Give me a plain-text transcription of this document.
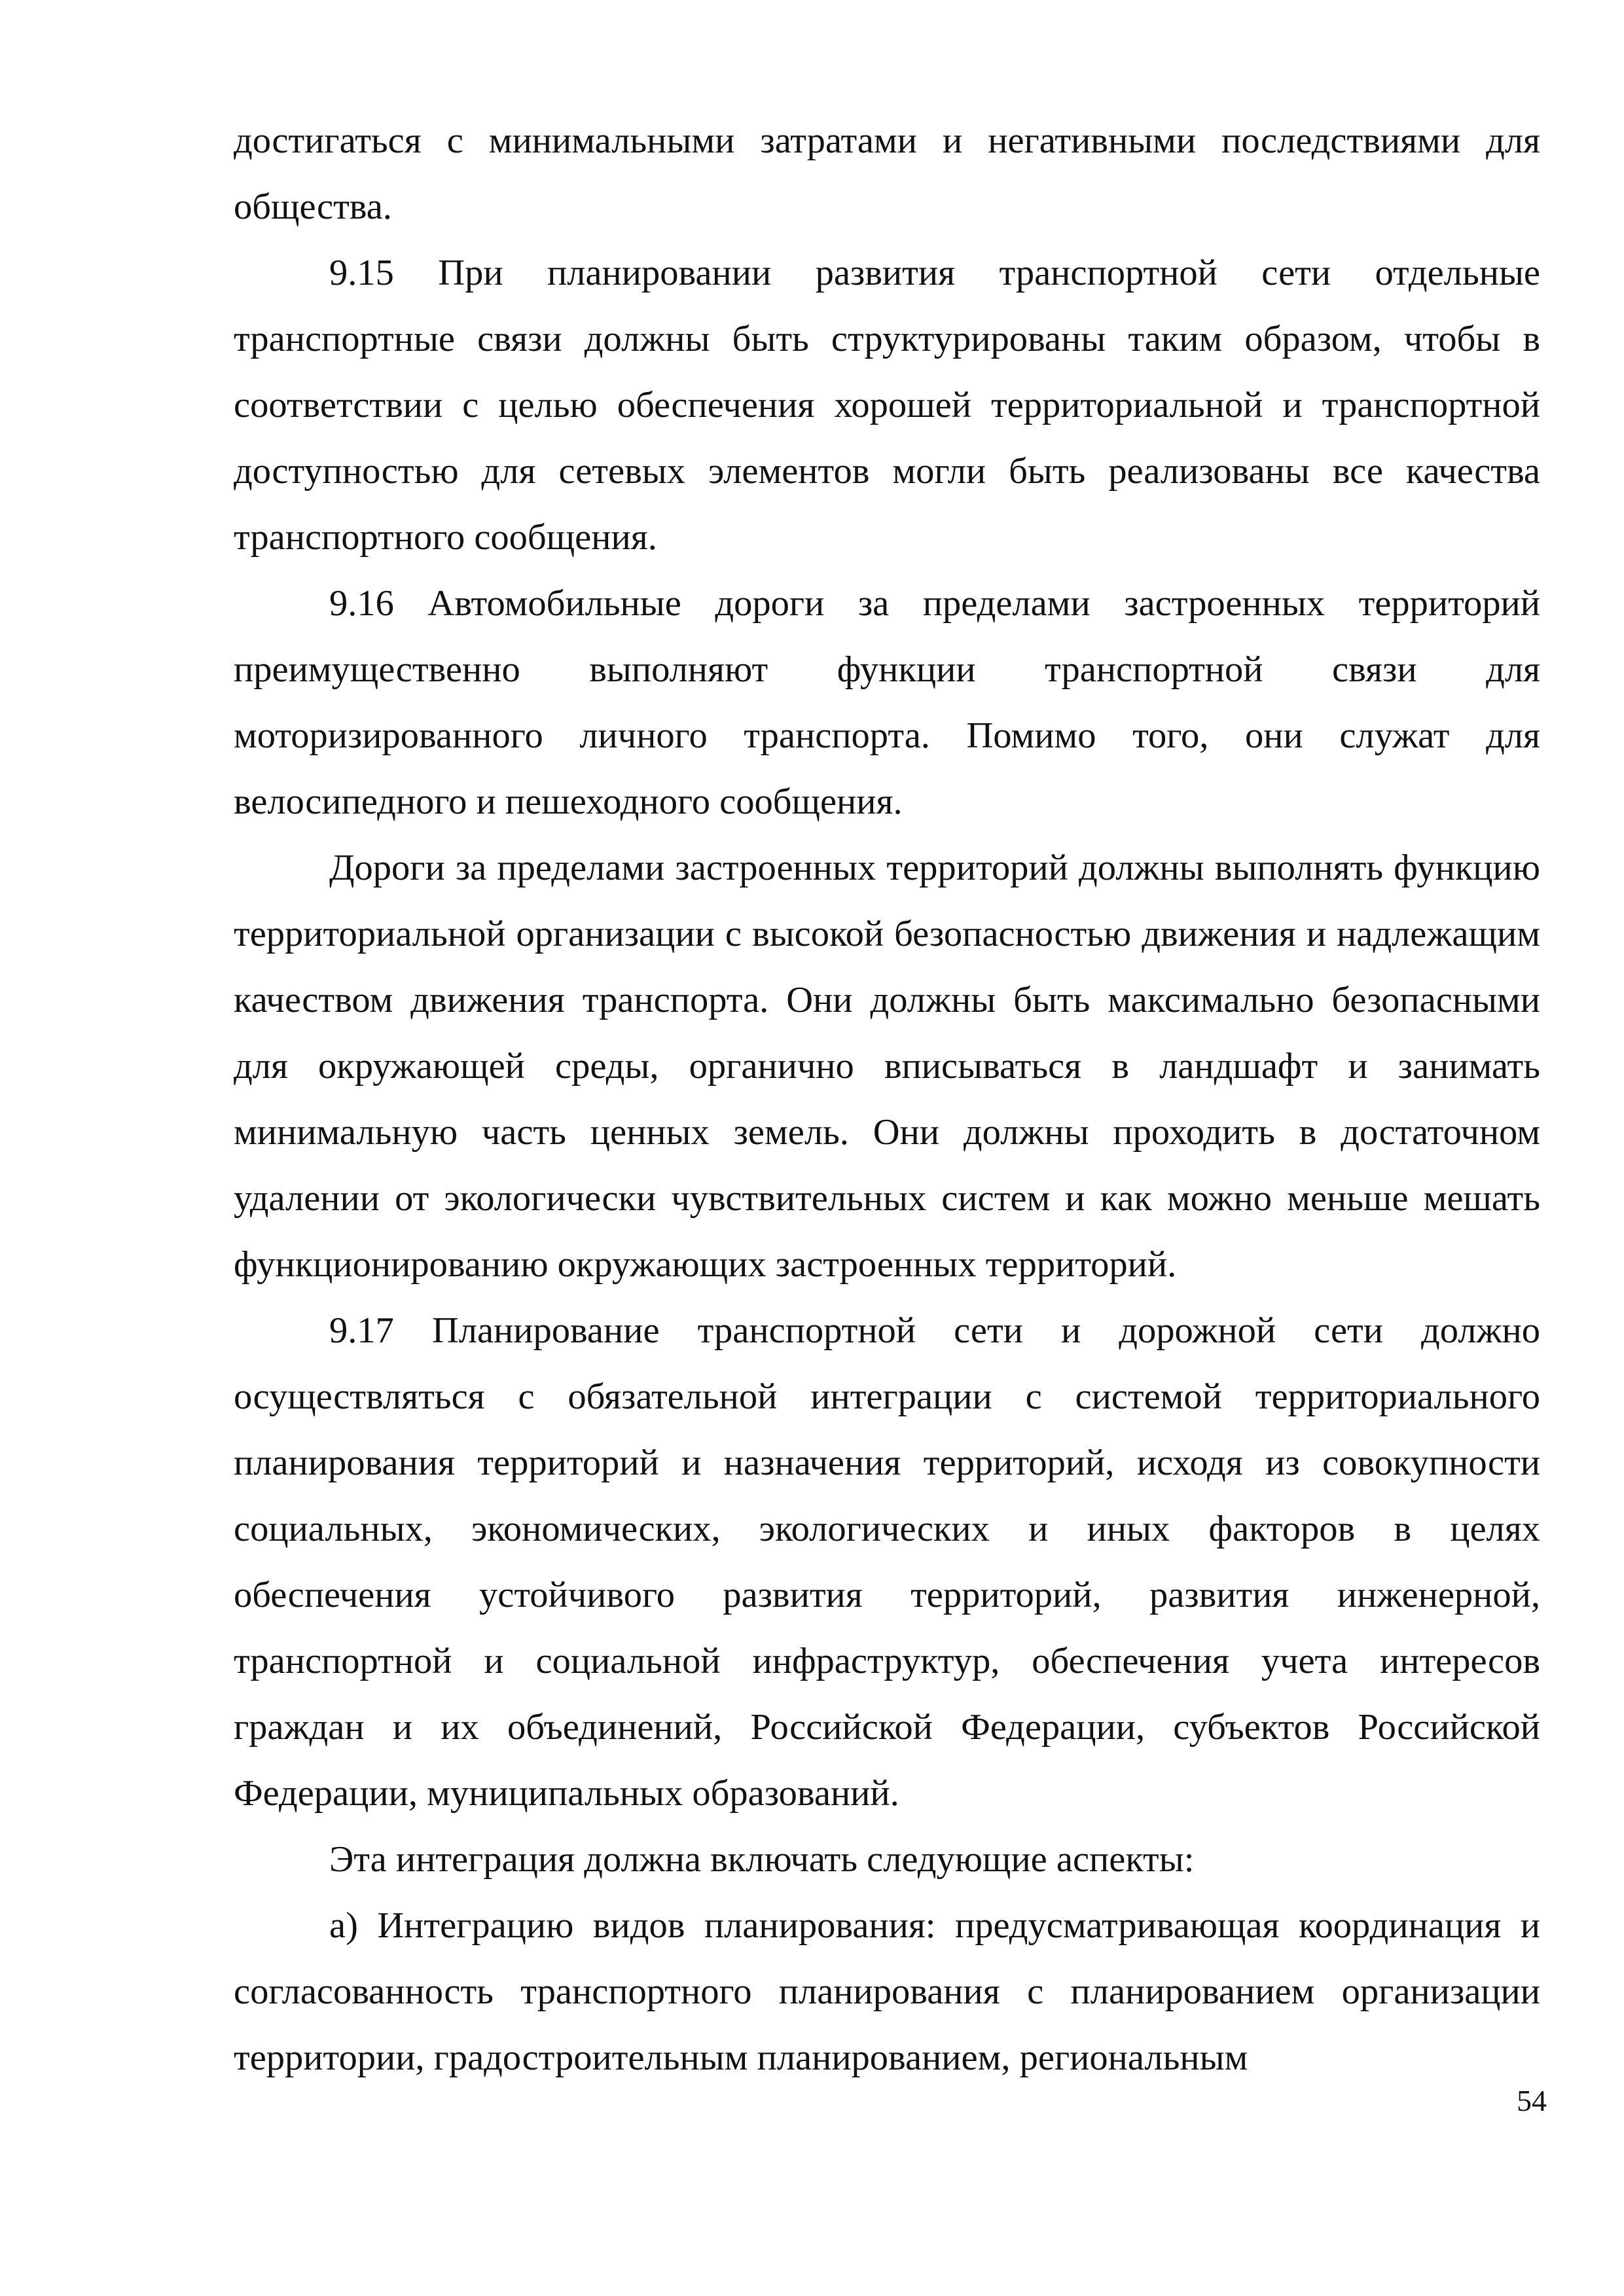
достигаться с минимальными затратами и негативными последствиями для общества.

9.15 При планировании развития транспортной сети отдельные транспортные связи должны быть структурированы таким образом, чтобы в соответствии с целью обеспечения хорошей территориальной и транспортной доступностью для сетевых элементов могли быть реализованы все качества транспортного сообщения.

9.16 Автомобильные дороги за пределами застроенных территорий преимущественно выполняют функции транспортной связи для моторизированного личного транспорта. Помимо того, они служат для велосипедного и пешеходного сообщения.

Дороги за пределами застроенных территорий должны выполнять функцию территориальной организации с высокой безопасностью движения и надлежащим качеством движения транспорта. Они должны быть максимально безопасными для окружающей среды, органично вписываться в ландшафт и занимать минимальную часть ценных земель. Они должны проходить в достаточном удалении от экологически чувствительных систем и как можно меньше мешать функционированию окружающих застроенных территорий.

9.17 Планирование транспортной сети и дорожной сети должно осуществляться с обязательной интеграции с системой территориального планирования территорий и назначения территорий, исходя из совокупности социальных, экономических, экологических и иных факторов в целях обеспечения устойчивого развития территорий, развития инженерной, транспортной и социальной инфраструктур, обеспечения учета интересов граждан и их объединений, Российской Федерации, субъектов Российской Федерации, муниципальных образований.

Эта интеграция должна включать следующие аспекты:

а) Интеграцию видов планирования: предусматривающая координация и согласованность транспортного планирования с планированием организации территории, градостроительным планированием, региональным

54
